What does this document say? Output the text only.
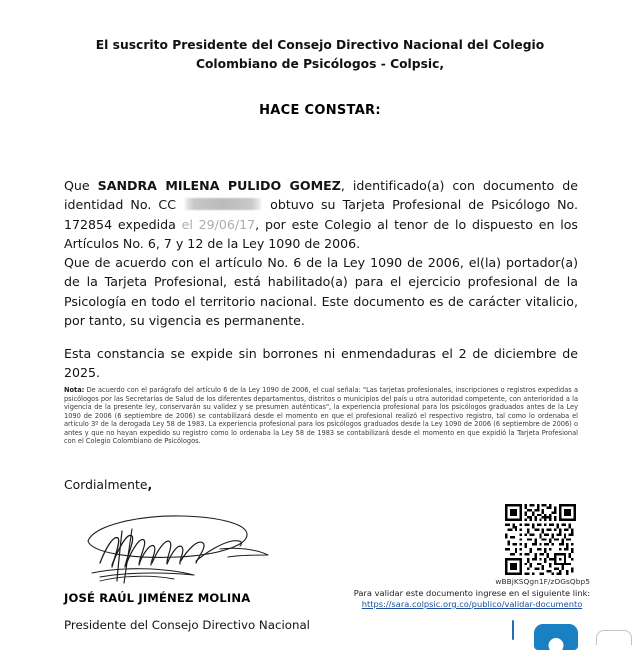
El suscrito Presidente del Consejo Directivo Nacional del Colegio Colombiano de Psicólogos - Colpsic,
HACE CONSTAR:
Que SANDRA MILENA PULIDO GOMEZ, identificado(a) con documento de identidad No. CC	obtuvo su Tarjeta Profesional de Psicólogo No. 172854 expedida el 29/06/17, por este Colegio al tenor de lo dispuesto en los Artículos No. 6, 7 y 12 de la Ley 1090 de 2006.
Que de acuerdo con el artículo No. 6 de la Ley 1090 de 2006, el(la) portador(a) de la Tarjeta Profesional, está habilitado(a) para el ejercicio profesional de la Psicología en todo el territorio nacional. Este documento es de carácter vitalicio, por tanto, su vigencia es permanente.
Esta constancia se expide sin borrones ni enmendaduras el 2 de diciembre de 2025.
Nota: De acuerdo con el parágrafo del artículo 6 de la Ley 1090 de 2006, el cual señala: "Las tarjetas profesionales, inscripciones o registros expedidas a psicólogos por las Secretarías de Salud de los diferentes departamentos, distritos o municipios del país u otra autoridad competente, con anterioridad a la vigencia de la presente ley, conservarán su validez y se presumen auténticas", la experiencia profesional para los psicólogos graduados antes de la Ley 1090 de 2006 (6 septiembre de 2006) se contabilizará desde el momento en que el profesional realizó el respectivo registro, tal como lo ordenaba el artículo 3º de la derogada Ley 58 de 1983. La experiencia profesional para los psicólogos graduados desde la Ley 1090 de 2006 (6 septiembre de 2006) o antes y que no hayan expedido su registro como lo ordenaba la Ley 58 de 1983 se contabilizará desde el momento en que expidió la Tarjeta Profesional con el Colegio Colombiano de Psicólogos.
Cordialmente,
JOSÉ RAÚL JIMÉNEZ MOLINA
Presidente del Consejo Directivo Nacional
wBBjKSQgn1F/zOGsQbp5
Para validar este documento ingrese en el siguiente link:
https://sara.colpsic.org.co/publico/validar-documento
